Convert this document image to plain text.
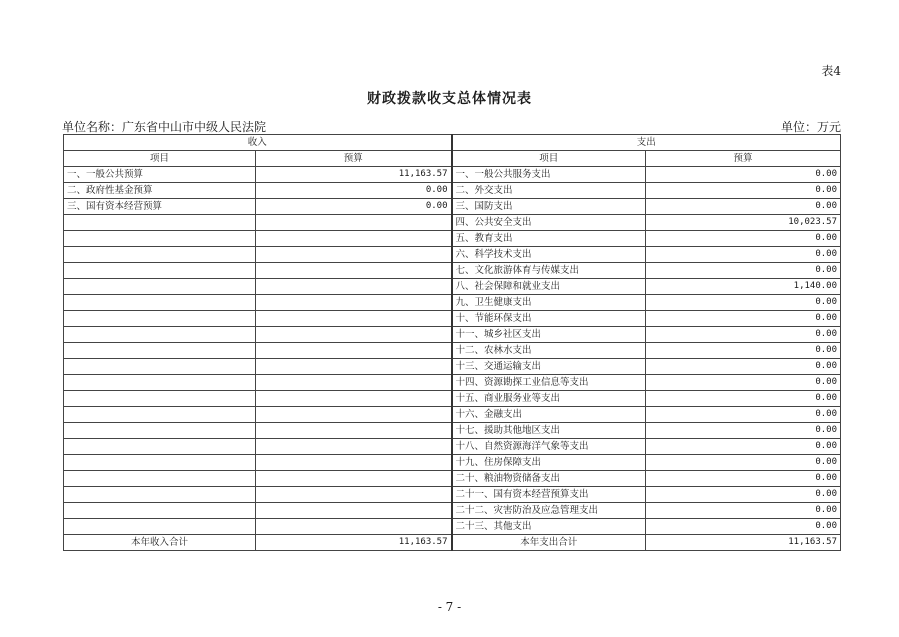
表4
财政拨款收支总体情况表
单位名称：广东省中山市中级人民法院	单位：万元
收入		支出	
项目	预算	项目	预算
一、一般公共预算	11,163.57	一、一般公共服务支出	0.00
二、政府性基金预算	0.00	二、外交支出	0.00
三、国有资本经营预算	0.00	三、国防支出	0.00
		四、公共安全支出	10,023.57
		五、教育支出	0.00
		六、科学技术支出	0.00
		七、文化旅游体育与传媒支出	0.00
		八、社会保障和就业支出	1,140.00
		九、卫生健康支出	0.00
		十、节能环保支出	0.00
		十一、城乡社区支出	0.00
		十二、农林水支出	0.00
		十三、交通运输支出	0.00
		十四、资源勘探工业信息等支出	0.00
		十五、商业服务业等支出	0.00
		十六、金融支出	0.00
		十七、援助其他地区支出	0.00
		十八、自然资源海洋气象等支出	0.00
		十九、住房保障支出	0.00
		二十、粮油物资储备支出	0.00
		二十一、国有资本经营预算支出	0.00
		二十二、灾害防治及应急管理支出	0.00
		二十三、其他支出	0.00
本年收入合计	11,163.57	本年支出合计	11,163.57
- 7 -
